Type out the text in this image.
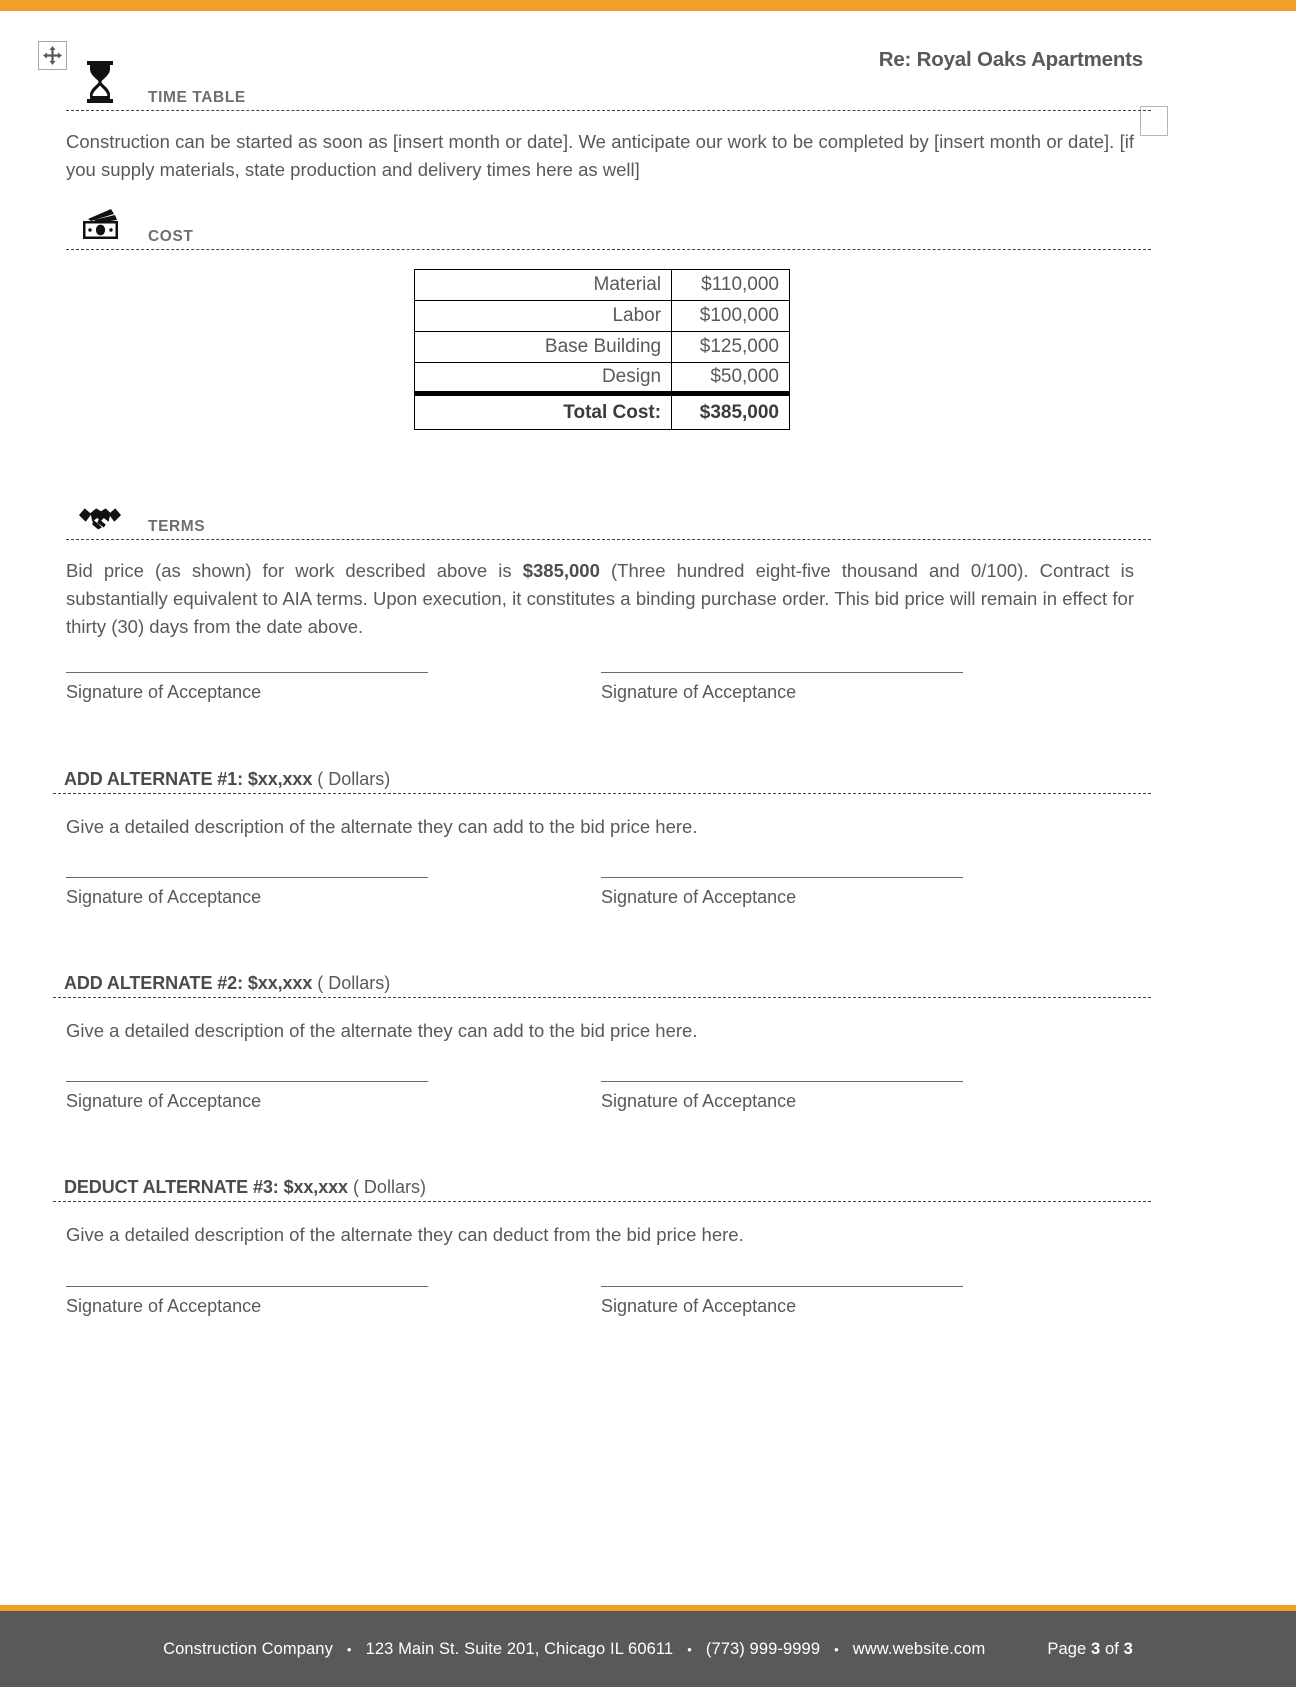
Re: Royal Oaks Apartments
TIME TABLE
Construction can be started as soon as [insert month or date]. We anticipate our work to be completed by [insert month or date]. [if you supply materials, state production and delivery times here as well]
COST
Material	$110,000
Labor	$100,000
Base Building	$125,000
Design	$50,000
Total Cost:	$385,000
TERMS
Bid price (as shown) for work described above is $385,000 (Three hundred eight-five thousand and 0/100). Contract is substantially equivalent to AIA terms. Upon execution, it constitutes a binding purchase order. This bid price will remain in effect for thirty (30) days from the date above.
Signature of Acceptance	Signature of Acceptance
ADD ALTERNATE #1: $xx,xxx ( Dollars)
Give a detailed description of the alternate they can add to the bid price here.
Signature of Acceptance	Signature of Acceptance
ADD ALTERNATE #2: $xx,xxx ( Dollars)
Give a detailed description of the alternate they can add to the bid price here.
Signature of Acceptance	Signature of Acceptance
DEDUCT ALTERNATE #3: $xx,xxx ( Dollars)
Give a detailed description of the alternate they can deduct from the bid price here.
Signature of Acceptance	Signature of Acceptance
Construction Company • 123 Main St. Suite 201, Chicago IL 60611 • (773) 999-9999 • www.website.com	Page 3 of 3
